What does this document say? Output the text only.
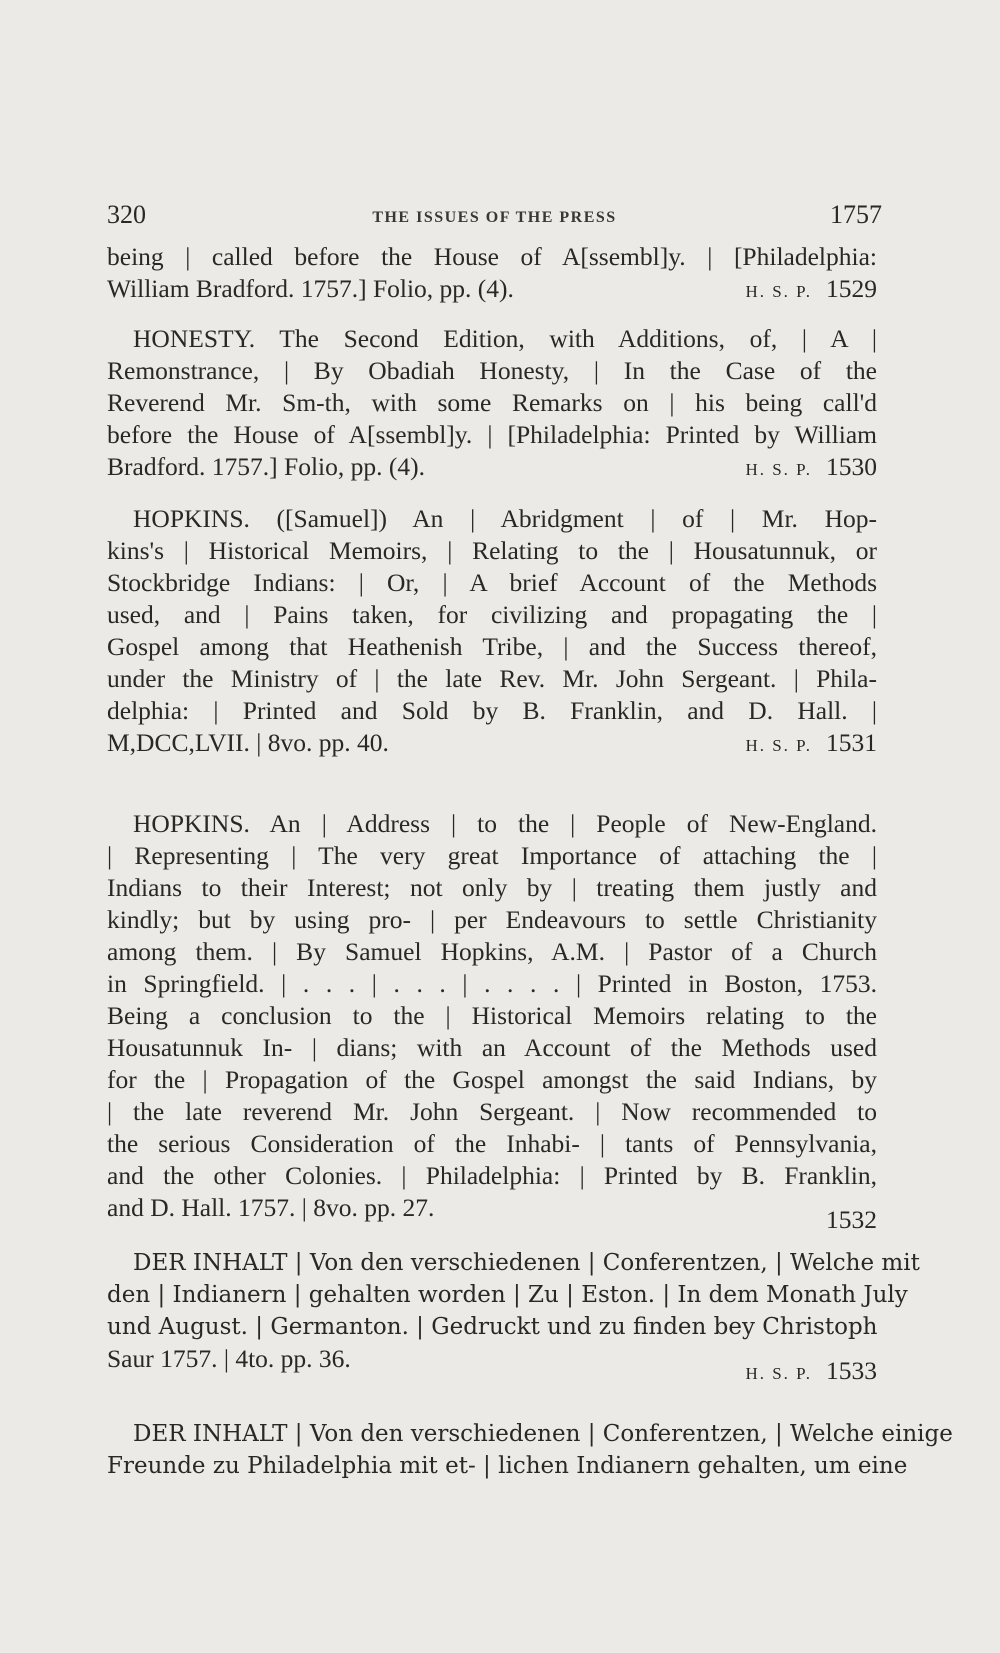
320	THE ISSUES OF THE PRESS	1757
being | called before the House of A[ssembl]y. | [Philadelphia:
William Bradford. 1757.] Folio, pp. (4).	H. S. P. 1529
HONESTY. The Second Edition, with Additions, of, | A |
Remonstrance, | By Obadiah Honesty, | In the Case of the
Reverend Mr. Sm-th, with some Remarks on | his being call'd
before the House of A[ssembl]y. | [Philadelphia: Printed by William
Bradford. 1757.] Folio, pp. (4).	H. S. P. 1530
HOPKINS. ([Samuel]) An | Abridgment | of | Mr. Hop-
kins's | Historical Memoirs, | Relating to the | Housatunnuk, or
Stockbridge Indians: | Or, | A brief Account of the Methods
used, and | Pains taken, for civilizing and propagating the |
Gospel among that Heathenish Tribe, | and the Success thereof,
under the Ministry of | the late Rev. Mr. John Sergeant. | Phila-
delphia: | Printed and Sold by B. Franklin, and D. Hall. |
M,DCC,LVII. | 8vo. pp. 40.	H. S. P. 1531
HOPKINS. An | Address | to the | People of New-England.
| Representing | The very great Importance of attaching the |
Indians to their Interest; not only by | treating them justly and
kindly; but by using pro- | per Endeavours to settle Christianity
among them. | By Samuel Hopkins, A.M. | Pastor of a Church
in Springfield. | . . . | . . . | . . . . | Printed in Boston, 1753.
Being a conclusion to the | Historical Memoirs relating to the
Housatunnuk In- | dians; with an Account of the Methods used
for the | Propagation of the Gospel amongst the said Indians, by
| the late reverend Mr. John Sergeant. | Now recommended to
the serious Consideration of the Inhabi- | tants of Pennsylvania,
and the other Colonies. | Philadelphia: | Printed by B. Franklin,
and D. Hall. 1757. | 8vo. pp. 27.	1532
DER INHALT | Von den verschiedenen | Conferentzen, | Welche mit
den | Indianern | gehalten worden | Zu | Eston. | In dem Monath July
und August. | Germanton. | Gedruckt und zu finden bey Christoph
Saur 1757. | 4to. pp. 36.
H. S. P. 1533
DER INHALT | Von den verschiedenen | Conferentzen, | Welche einige
Freunde zu Philadelphia mit et- | lichen Indianern gehalten, um eine
